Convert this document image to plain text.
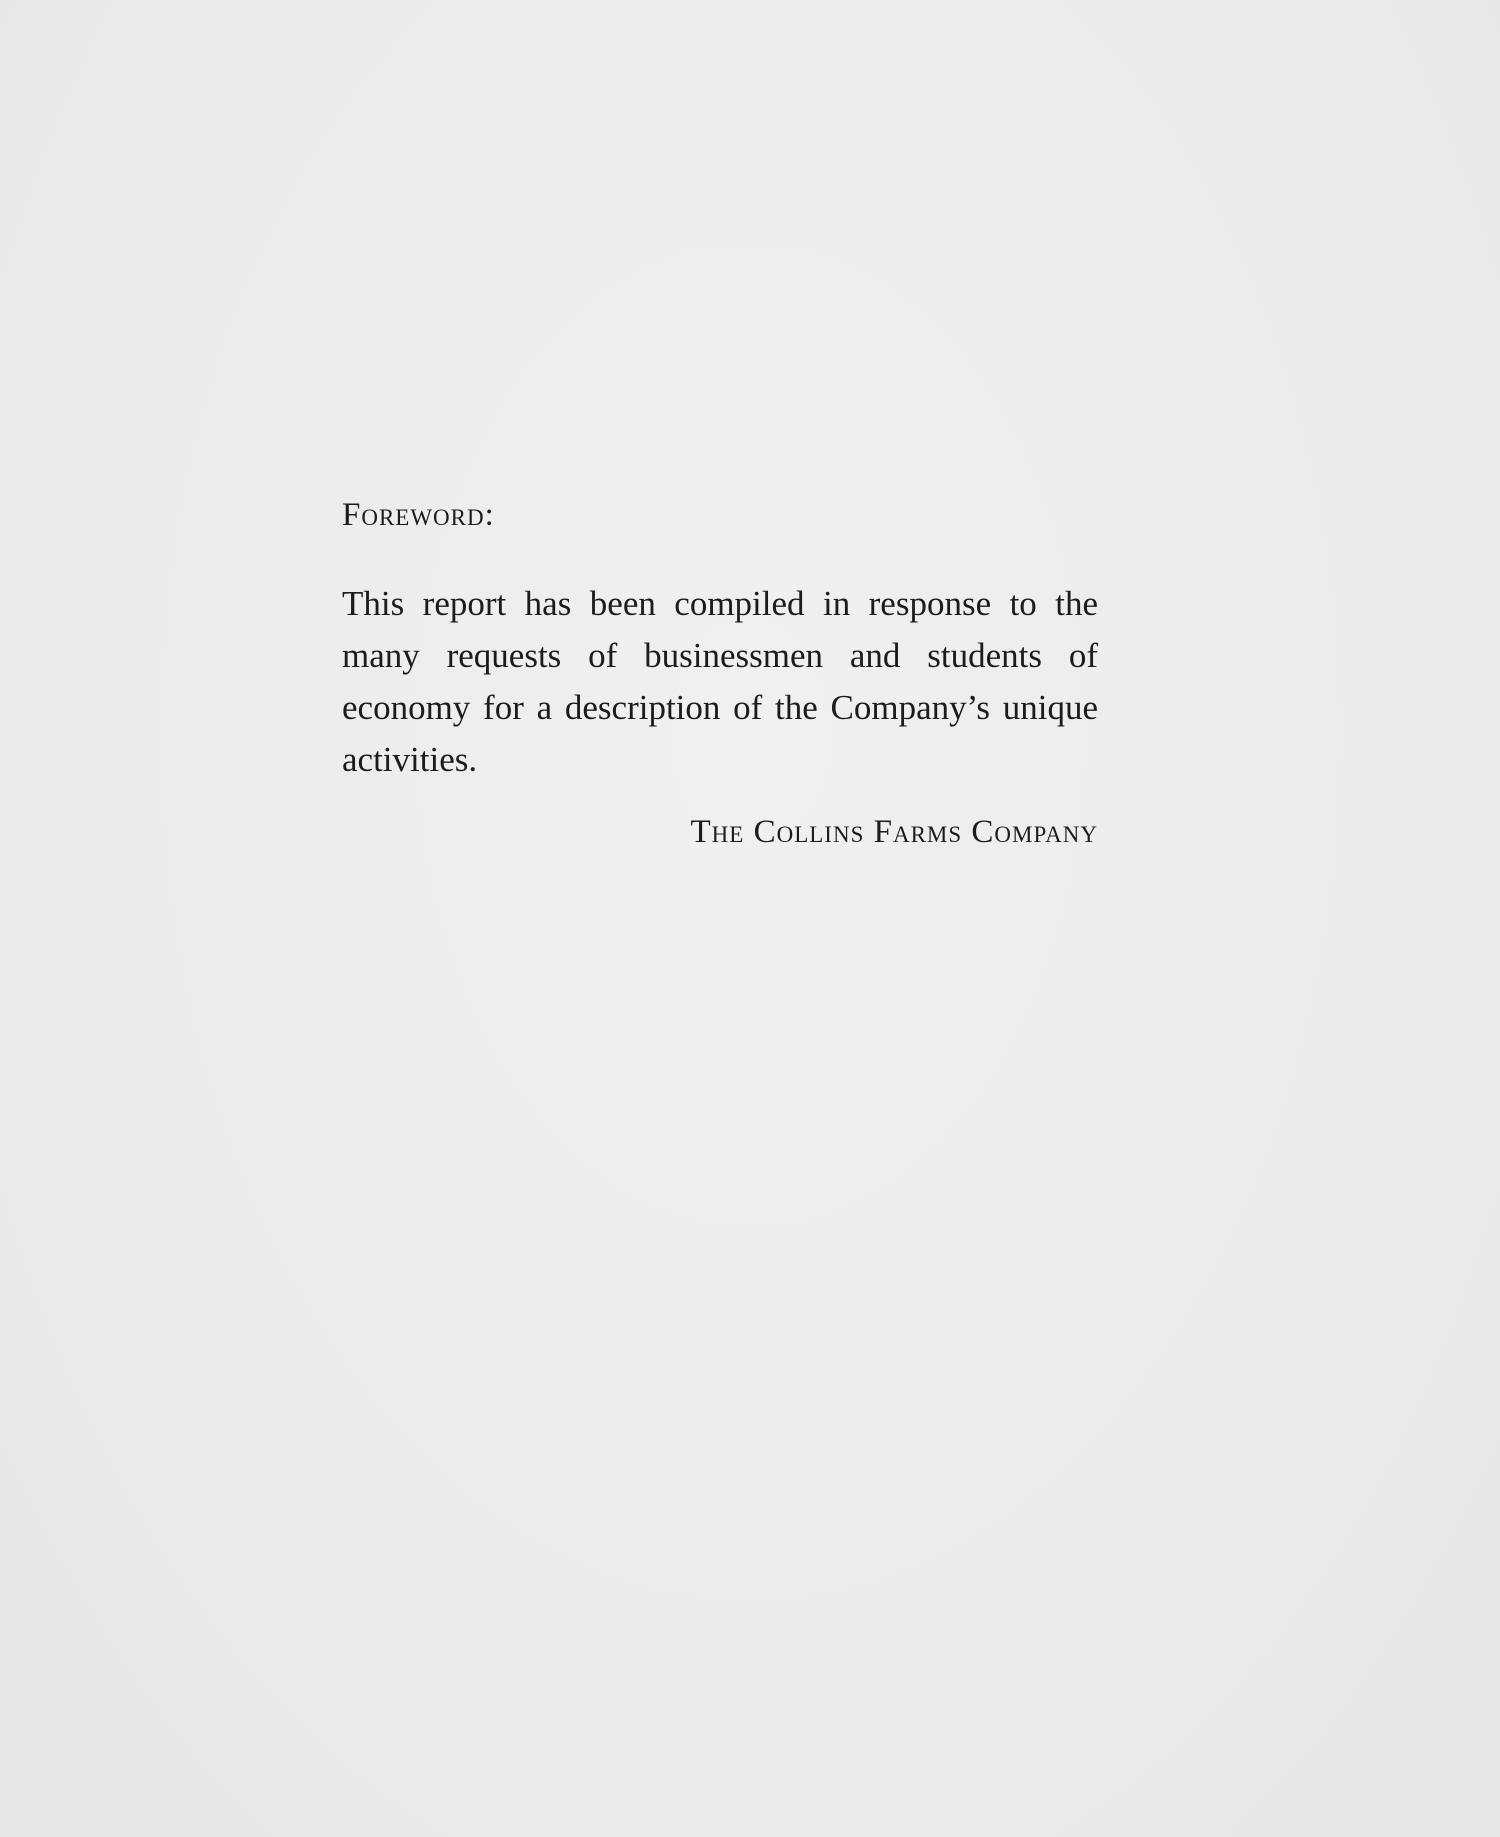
Foreword:

This report has been compiled in response to the many requests of businessmen and students of economy for a description of the Company’s unique activities.

The Collins Farms Company
